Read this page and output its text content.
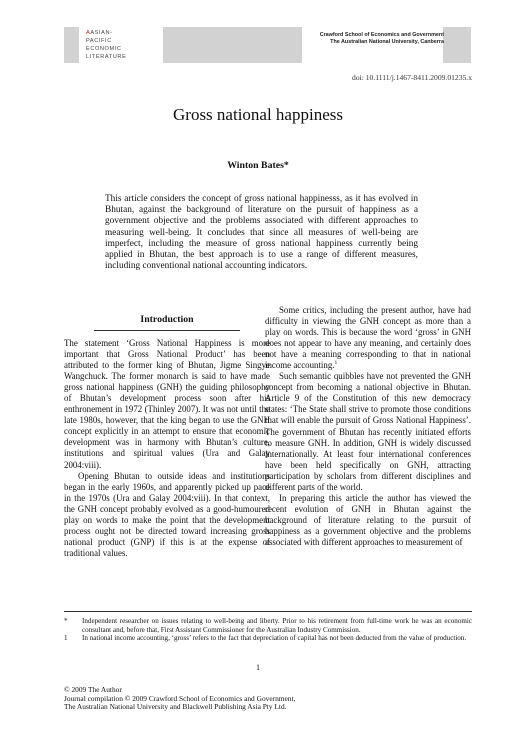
AASIAN-
PACIFIC
ECONOMIC
LITERATURE
Crawford School of Economics and Government
The Australian National University, Canberra
doi: 10.1111/j.1467-8411.2009.01235.x
Gross national happiness
Winton Bates*

This article considers the concept of gross national happinesss, as it has evolved in Bhutan, against the background of literature on the pursuit of happiness as a government objective and the problems associated with different approaches to measuring well-being. It concludes that since all measures of well-being are imperfect, including the measure of gross national happiness currently being applied in Bhutan, the best approach is to use a range of different measures, including conventional national accounting indicators.

Introduction

The statement ‘Gross National Happiness is more important that Gross National Product’ has been attributed to the former king of Bhutan, Jigme Singye Wangchuck. The former monarch is said to have made gross national happiness (GNH) the guiding philosophy of Bhutan’s development process soon after his enthronement in 1972 (Thinley 2007). It was not until the late 1980s, however, that the king began to use the GNH concept explicitly in an attempt to ensure that economic development was in harmony with Bhutan’s culture, institutions and spiritual values (Ura and Galay 2004:viii).

Opening Bhutan to outside ideas and institutions began in the early 1960s, and apparently picked up pace in the 1970s (Ura and Galay 2004:viii). In that context, the GNH concept probably evolved as a good-humoured play on words to make the point that the development process ought not be directed toward increasing gross national product (GNP) if this is at the expense of traditional values.

Some critics, including the present author, have had difficulty in viewing the GNH concept as more than a play on words. This is because the word ‘gross’ in GNH does not appear to have any meaning, and certainly does not have a meaning corresponding to that in national income accounting.$^1$

Such semantic quibbles have not prevented the GNH concept from becoming a national objective in Bhutan. Article 9 of the Constitution of this new democracy states: ‘The State shall strive to promote those conditions that will enable the pursuit of Gross National Happiness’. The government of Bhutan has recently initiated efforts to measure GNH. In addition, GNH is widely discussed internationally. At least four international conferences have been held specifically on GNH, attracting participation by scholars from different disciplines and different parts of the world.

In preparing this article the author has viewed the recent evolution of GNH in Bhutan against the background of literature relating to the pursuit of happiness as a government objective and the problems associated with different approaches to measurement of

* Independent researcher on issues relating to well-being and liberty. Prior to his retirement from full-time work he was an economic consultant and, before that, First Assistant Commissioner for the Australian Industry Commission.
1 In national income accounting, ‘gross’ refers to the fact that depreciation of capital has not been deducted from the value of production.
1
© 2009 The Author
Journal compilation © 2009 Crawford School of Economics and Government,
The Australian National University and Blackwell Publishing Asia Pty Ltd.
